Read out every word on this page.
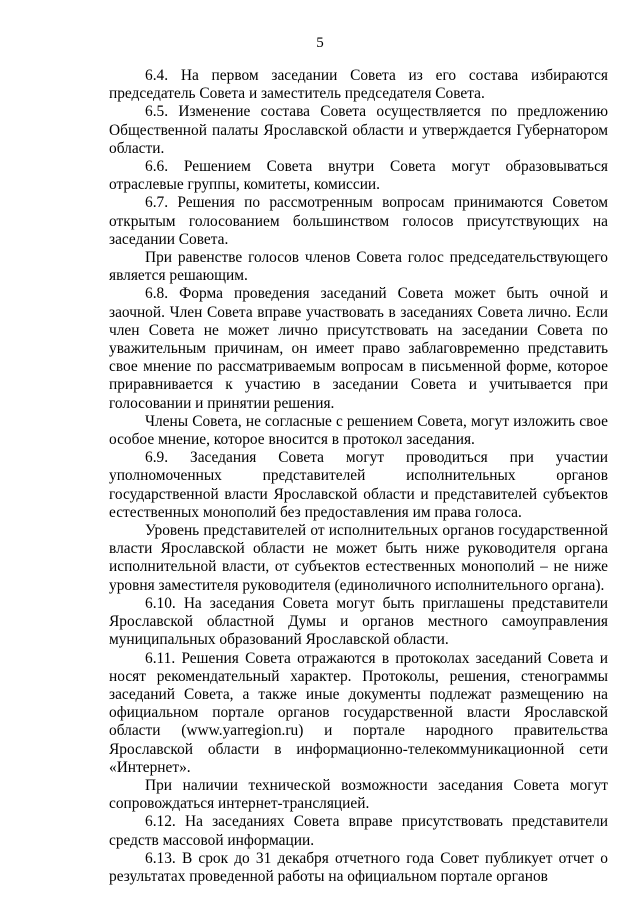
5

6.4. На первом заседании Совета из его состава избираются председатель Совета и заместитель председателя Совета.

6.5. Изменение состава Совета осуществляется по предложению Общественной палаты Ярославской области и утверждается Губернатором области.

6.6. Решением Совета внутри Совета могут образовываться отраслевые группы, комитеты, комиссии.

6.7. Решения по рассмотренным вопросам принимаются Советом открытым голосованием большинством голосов присутствующих на заседании Совета.

При равенстве голосов членов Совета голос председательствующего является решающим.

6.8. Форма проведения заседаний Совета может быть очной и заочной. Член Совета вправе участвовать в заседаниях Совета лично. Если член Совета не может лично присутствовать на заседании Совета по уважительным причинам, он имеет право заблаговременно представить свое мнение по рассматриваемым вопросам в письменной форме, которое приравнивается к участию в заседании Совета и учитывается при голосовании и принятии решения.

Члены Совета, не согласные с решением Совета, могут изложить свое особое мнение, которое вносится в протокол заседания.

6.9. Заседания Совета могут проводиться при участии уполномоченных представителей исполнительных органов государственной власти Ярославской области и представителей субъектов естественных монополий без предоставления им права голоса.

Уровень представителей от исполнительных органов государственной власти Ярославской области не может быть ниже руководителя органа исполнительной власти, от субъектов естественных монополий – не ниже уровня заместителя руководителя (единоличного исполнительного органа).

6.10. На заседания Совета могут быть приглашены представители Ярославской областной Думы и органов местного самоуправления муниципальных образований Ярославской области.

6.11. Решения Совета отражаются в протоколах заседаний Совета и носят рекомендательный характер. Протоколы, решения, стенограммы заседаний Совета, а также иные документы подлежат размещению на официальном портале органов государственной власти Ярославской области (www.yarregion.ru) и портале народного правительства Ярославской области в информационно-телекоммуникационной сети «Интернет».

При наличии технической возможности заседания Совета могут сопровождаться интернет-трансляцией.

6.12. На заседаниях Совета вправе присутствовать представители средств массовой информации.

6.13. В срок до 31 декабря отчетного года Совет публикует отчет о результатах проведенной работы на официальном портале органов
